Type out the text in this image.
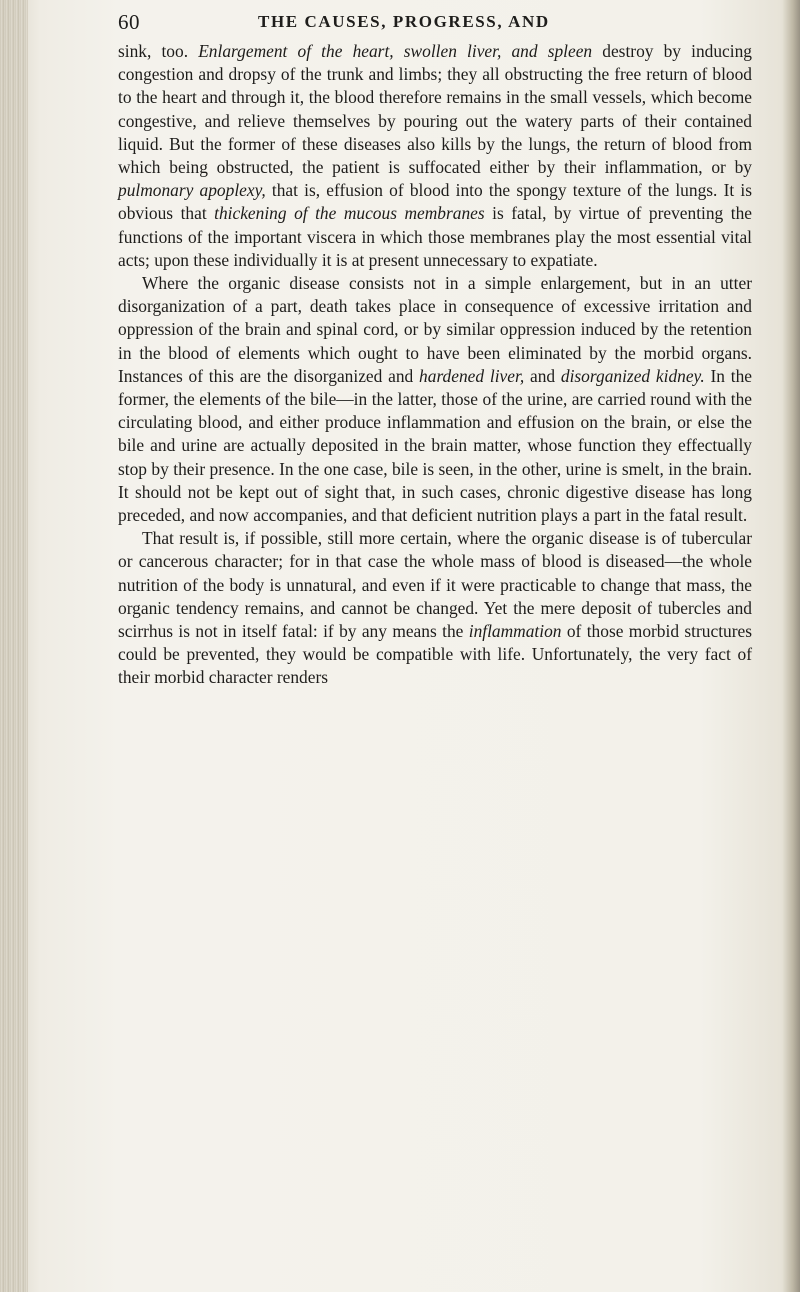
60	THE CAUSES, PROGRESS, AND

sink, too. Enlargement of the heart, swollen liver, and spleen destroy by inducing congestion and dropsy of the trunk and limbs; they all obstructing the free return of blood to the heart and through it, the blood therefore remains in the small vessels, which become congestive, and relieve themselves by pouring out the watery parts of their contained liquid. But the former of these diseases also kills by the lungs, the return of blood from which being obstructed, the patient is suffocated either by their inflammation, or by pulmonary apoplexy, that is, effusion of blood into the spongy texture of the lungs. It is obvious that thickening of the mucous membranes is fatal, by virtue of preventing the functions of the important viscera in which those membranes play the most essential vital acts; upon these individually it is at present unnecessary to expatiate.

Where the organic disease consists not in a simple enlargement, but in an utter disorganization of a part, death takes place in consequence of excessive irritation and oppression of the brain and spinal cord, or by similar oppression induced by the retention in the blood of elements which ought to have been eliminated by the morbid organs. Instances of this are the disorganized and hardened liver, and disorganized kidney. In the former, the elements of the bile—in the latter, those of the urine, are carried round with the circulating blood, and either produce inflammation and effusion on the brain, or else the bile and urine are actually deposited in the brain matter, whose function they effectually stop by their presence. In the one case, bile is seen, in the other, urine is smelt, in the brain. It should not be kept out of sight that, in such cases, chronic digestive disease has long preceded, and now accompanies, and that deficient nutrition plays a part in the fatal result.

That result is, if possible, still more certain, where the organic disease is of tubercular or cancerous character; for in that case the whole mass of blood is diseased—the whole nutrition of the body is unnatural, and even if it were practicable to change that mass, the organic tendency remains, and cannot be changed. Yet the mere deposit of tubercles and scirrhus is not in itself fatal: if by any means the inflammation of those morbid structures could be prevented, they would be compatible with life. Unfortunately, the very fact of their morbid character renders
